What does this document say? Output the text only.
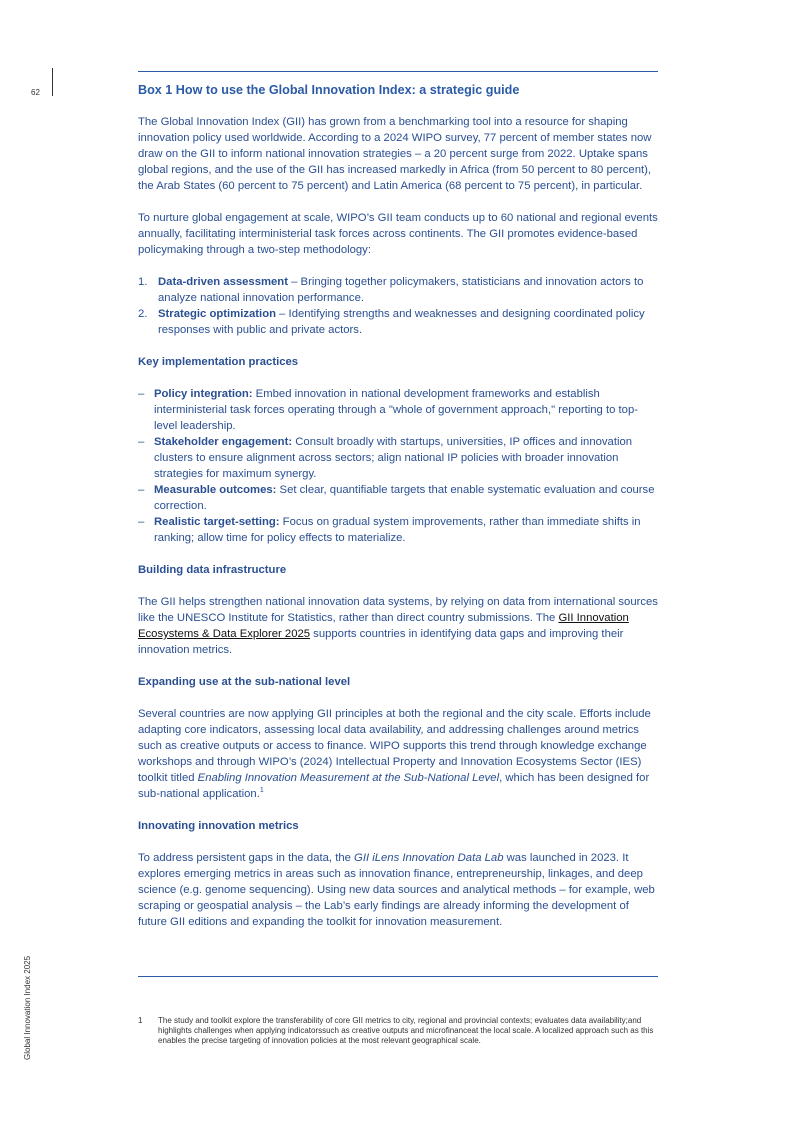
62
Global Innovation Index 2025
Box 1 How to use the Global Innovation Index: a strategic guide

The Global Innovation Index (GII) has grown from a benchmarking tool into a resource for shaping innovation policy used worldwide. According to a 2024 WIPO survey, 77 percent of member states now draw on the GII to inform national innovation strategies – a 20 percent surge from 2022. Uptake spans global regions, and the use of the GII has increased markedly in Africa (from 50 percent to 80 percent), the Arab States (60 percent to 75 percent) and Latin America (68 percent to 75 percent), in particular.

To nurture global engagement at scale, WIPO’s GII team conducts up to 60 national and regional events annually, facilitating interministerial task forces across continents. The GII promotes evidence-based policymaking through a two-step methodology:

1. Data-driven assessment – Bringing together policymakers, statisticians and innovation actors to analyze national innovation performance.
2. Strategic optimization – Identifying strengths and weaknesses and designing coordinated policy responses with public and private actors.
Key implementation practices
– Policy integration: Embed innovation in national development frameworks and establish interministerial task forces operating through a "whole of government approach," reporting to top-level leadership.
– Stakeholder engagement: Consult broadly with startups, universities, IP offices and innovation clusters to ensure alignment across sectors; align national IP policies with broader innovation strategies for maximum synergy.
– Measurable outcomes: Set clear, quantifiable targets that enable systematic evaluation and course correction.
– Realistic target-setting: Focus on gradual system improvements, rather than immediate shifts in ranking; allow time for policy effects to materialize.
Building data infrastructure

The GII helps strengthen national innovation data systems, by relying on data from international sources like the UNESCO Institute for Statistics, rather than direct country submissions. The GII Innovation Ecosystems & Data Explorer 2025 supports countries in identifying data gaps and improving their innovation metrics.

Expanding use at the sub-national level

Several countries are now applying GII principles at both the regional and the city scale. Efforts include adapting core indicators, assessing local data availability, and addressing challenges around metrics such as creative outputs or access to finance. WIPO supports this trend through knowledge exchange workshops and through WIPO’s (2024) Intellectual Property and Innovation Ecosystems Sector (IES) toolkit titled Enabling Innovation Measurement at the Sub-National Level, which has been designed for sub-national application.$^1$

Innovating innovation metrics

To address persistent gaps in the data, the GII iLens Innovation Data Lab was launched in 2023. It explores emerging metrics in areas such as innovation finance, entrepreneurship, linkages, and deep science (e.g. genome sequencing). Using new data sources and analytical methods – for example, web scraping or geospatial analysis – the Lab’s early findings are already informing the development of future GII editions and expanding the toolkit for innovation measurement.

1	The study and toolkit explore the transferability of core GII metrics to city, regional and provincial contexts; evaluates data availability;and highlights challenges when applying indicatorssuch as creative outputs and microfinanceat the local scale. A localized approach such as this enables the precise targeting of innovation policies at the most relevant geographical scale.
